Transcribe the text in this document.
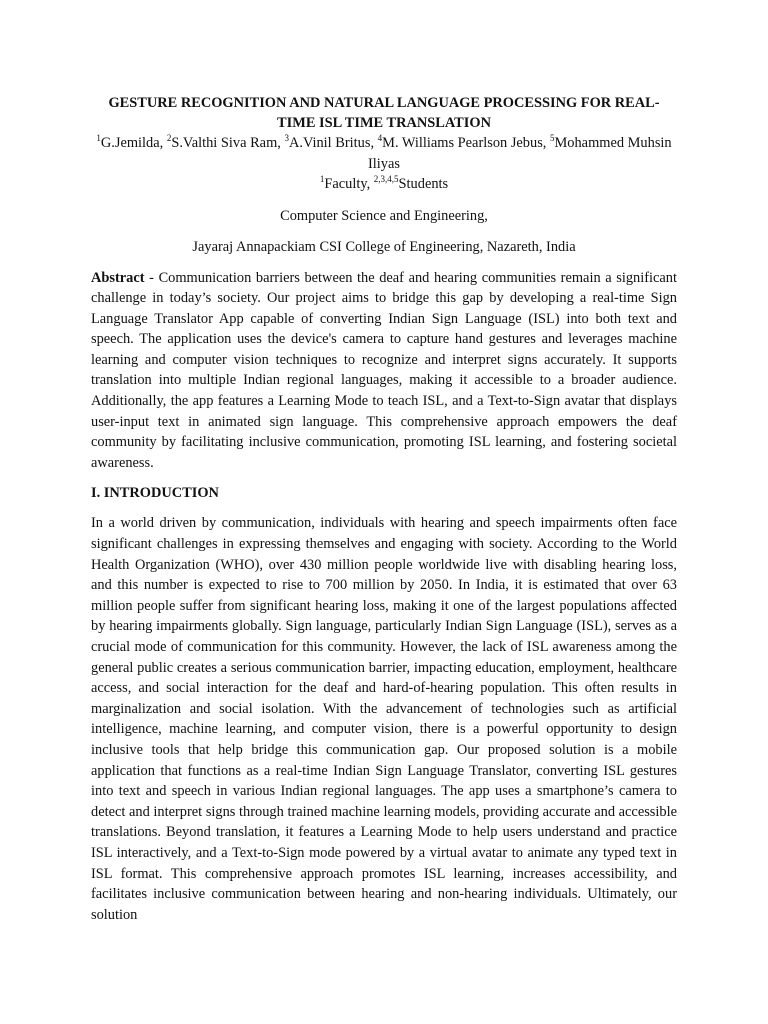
GESTURE RECOGNITION AND NATURAL LANGUAGE PROCESSING FOR REAL-
TIME ISL TIME TRANSLATION

$^1$G.Jemilda, $^2$S.Valthi Siva Ram, $^3$A.Vinil Britus, $^4$M. Williams Pearlson Jebus, $^5$Mohammed Muhsin Iliyas

$^1$Faculty, $^{2,3,4,5}$Students

Computer Science and Engineering,

Jayaraj Annapackiam CSI College of Engineering, Nazareth, India

Abstract - Communication barriers between the deaf and hearing communities remain a significant challenge in today’s society. Our project aims to bridge this gap by developing a real-time Sign Language Translator App capable of converting Indian Sign Language (ISL) into both text and speech. The application uses the device's camera to capture hand gestures and leverages machine learning and computer vision techniques to recognize and interpret signs accurately. It supports translation into multiple Indian regional languages, making it accessible to a broader audience. Additionally, the app features a Learning Mode to teach ISL, and a Text-to-Sign avatar that displays user-input text in animated sign language. This comprehensive approach empowers the deaf community by facilitating inclusive communication, promoting ISL learning, and fostering societal awareness.

I. INTRODUCTION

In a world driven by communication, individuals with hearing and speech impairments often face significant challenges in expressing themselves and engaging with society. According to the World Health Organization (WHO), over 430 million people worldwide live with disabling hearing loss, and this number is expected to rise to 700 million by 2050. In India, it is estimated that over 63 million people suffer from significant hearing loss, making it one of the largest populations affected by hearing impairments globally. Sign language, particularly Indian Sign Language (ISL), serves as a crucial mode of communication for this community. However, the lack of ISL awareness among the general public creates a serious communication barrier, impacting education, employment, healthcare access, and social interaction for the deaf and hard-of-hearing population. This often results in marginalization and social isolation. With the advancement of technologies such as artificial intelligence, machine learning, and computer vision, there is a powerful opportunity to design inclusive tools that help bridge this communication gap. Our proposed solution is a mobile application that functions as a real-time Indian Sign Language Translator, converting ISL gestures into text and speech in various Indian regional languages. The app uses a smartphone’s camera to detect and interpret signs through trained machine learning models, providing accurate and accessible translations. Beyond translation, it features a Learning Mode to help users understand and practice ISL interactively, and a Text-to-Sign mode powered by a virtual avatar to animate any typed text in ISL format. This comprehensive approach promotes ISL learning, increases accessibility, and facilitates inclusive communication between hearing and non-hearing individuals. Ultimately, our solution
